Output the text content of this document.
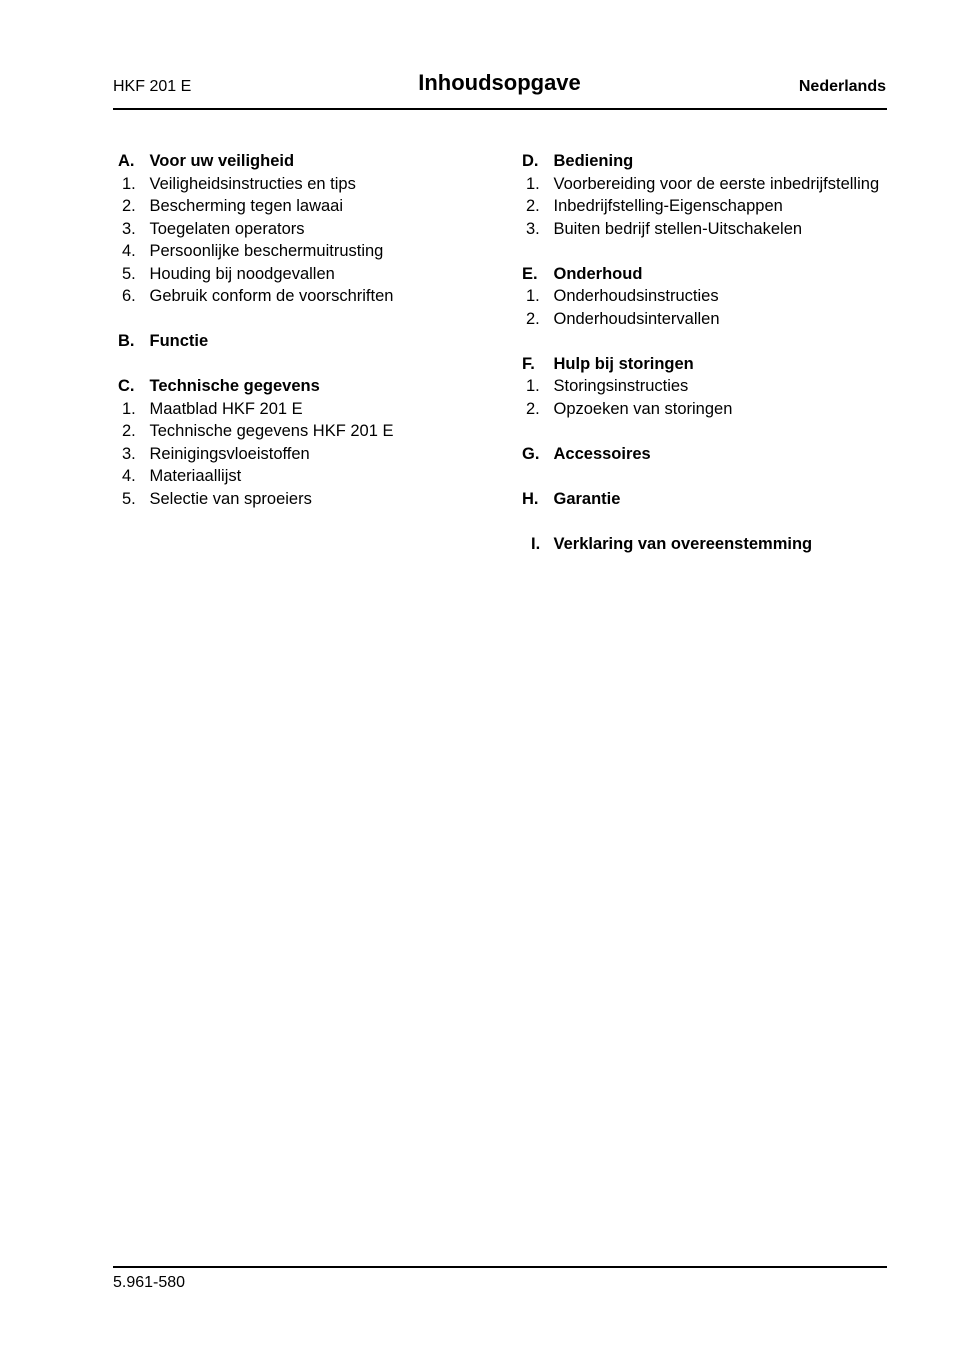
HKF 201 E	Inhoudsopgave	Nederlands
A. Voor uw veiligheid
1. Veiligheidsinstructies en tips
2. Bescherming tegen lawaai
3. Toegelaten operators
4. Persoonlijke beschermuitrusting
5. Houding bij noodgevallen
6. Gebruik conform de voorschriften
B. Functie
C. Technische gegevens
1. Maatblad HKF 201 E
2. Technische gegevens HKF 201 E
3. Reinigingsvloeistoffen
4. Materiaallijst
5. Selectie van sproeiers
D. Bediening
1. Voorbereiding voor de eerste inbedrijfstelling
2. Inbedrijfstelling-Eigenschappen
3. Buiten bedrijf stellen-Uitschakelen
E. Onderhoud
1. Onderhoudsinstructies
2. Onderhoudsintervallen
F.	Hulp bij storingen
1. Storingsinstructies
2. Opzoeken van storingen
G. Accessoires
H. Garantie
I. Verklaring van overeenstemming
5.961-580
